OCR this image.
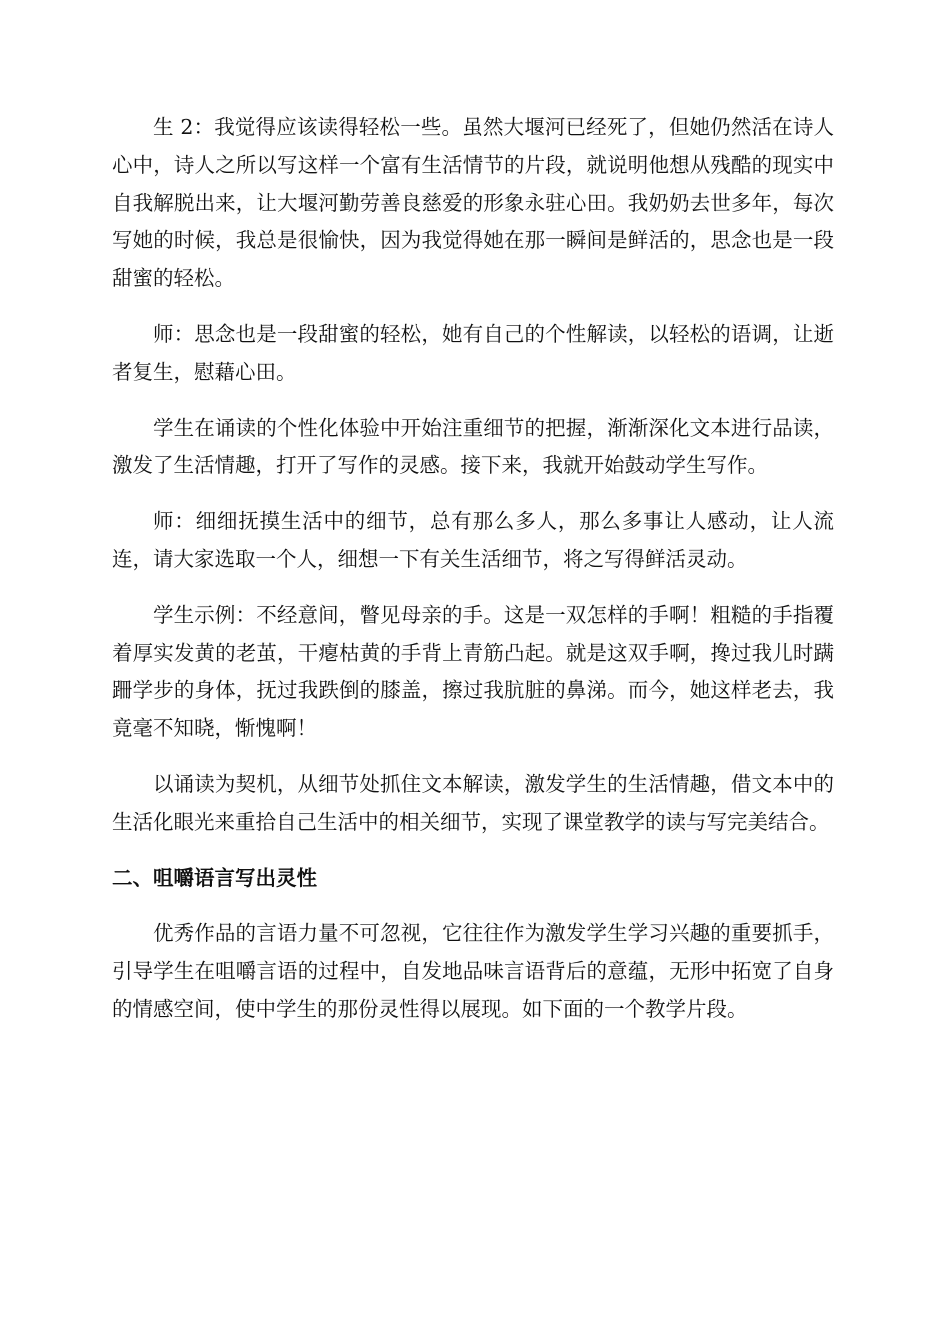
生 2：我觉得应该读得轻松一些。虽然大堰河已经死了，但她仍然活在诗人心中，诗人之所以写这样一个富有生活情节的片段，就说明他想从残酷的现实中自我解脱出来，让大堰河勤劳善良慈爱的形象永驻心田。我奶奶去世多年，每次写她的时候，我总是很愉快，因为我觉得她在那一瞬间是鲜活的，思念也是一段甜蜜的轻松。

师：思念也是一段甜蜜的轻松，她有自己的个性解读，以轻松的语调，让逝者复生，慰藉心田。

学生在诵读的个性化体验中开始注重细节的把握，渐渐深化文本进行品读，激发了生活情趣，打开了写作的灵感。接下来，我就开始鼓动学生写作。

师：细细抚摸生活中的细节，总有那么多人，那么多事让人感动，让人流连，请大家选取一个人，细想一下有关生活细节，将之写得鲜活灵动。

学生示例：不经意间，瞥见母亲的手。这是一双怎样的手啊！粗糙的手指覆着厚实发黄的老茧，干瘪枯黄的手背上青筋凸起。就是这双手啊，搀过我儿时蹒跚学步的身体，抚过我跌倒的膝盖，擦过我肮脏的鼻涕。而今，她这样老去，我竟毫不知晓，惭愧啊！

以诵读为契机，从细节处抓住文本解读，激发学生的生活情趣，借文本中的生活化眼光来重拾自己生活中的相关细节，实现了课堂教学的读与写完美结合。

二、咀嚼语言写出灵性

优秀作品的言语力量不可忽视，它往往作为激发学生学习兴趣的重要抓手，引导学生在咀嚼言语的过程中，自发地品味言语背后的意蕴，无形中拓宽了自身的情感空间，使中学生的那份灵性得以展现。如下面的一个教学片段。
